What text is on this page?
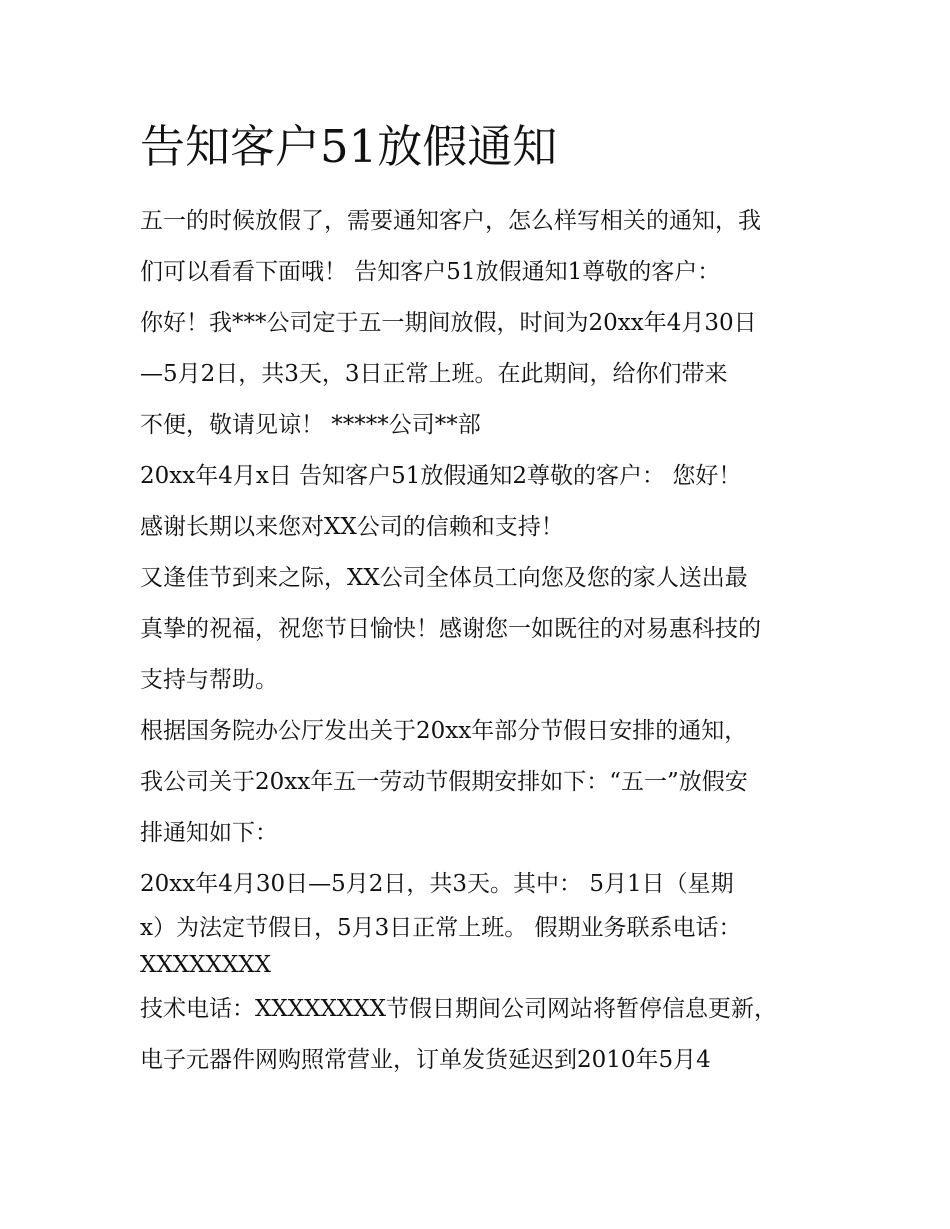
告知客户51放假通知
五一的时候放假了，需要通知客户，怎么样写相关的通知，我
们可以看看下面哦！ 告知客户51放假通知1尊敬的客户：
你好！我***公司定于五一期间放假，时间为20xx年4月30日
—5月2日，共3天，3日正常上班。在此期间，给你们带来
不便，敬请见谅！ *****公司**部
20xx年4月x日 告知客户51放假通知2尊敬的客户： 您好！
感谢长期以来您对XX公司的信赖和支持！
又逢佳节到来之际，XX公司全体员工向您及您的家人送出最
真挚的祝福，祝您节日愉快！感谢您一如既往的对易惠科技的
支持与帮助。
根据国务院办公厅发出关于20xx年部分节假日安排的通知，
我公司关于20xx年五一劳动节假期安排如下：“五一”放假安
排通知如下：
20xx年4月30日—5月2日，共3天。其中： 5月1日（星期
x）为法定节假日，5月3日正常上班。 假期业务联系电话：
XXXXXXXX
技术电话：XXXXXXXX节假日期间公司网站将暂停信息更新，
电子元器件网购照常营业，订单发货延迟到2010年5月4
